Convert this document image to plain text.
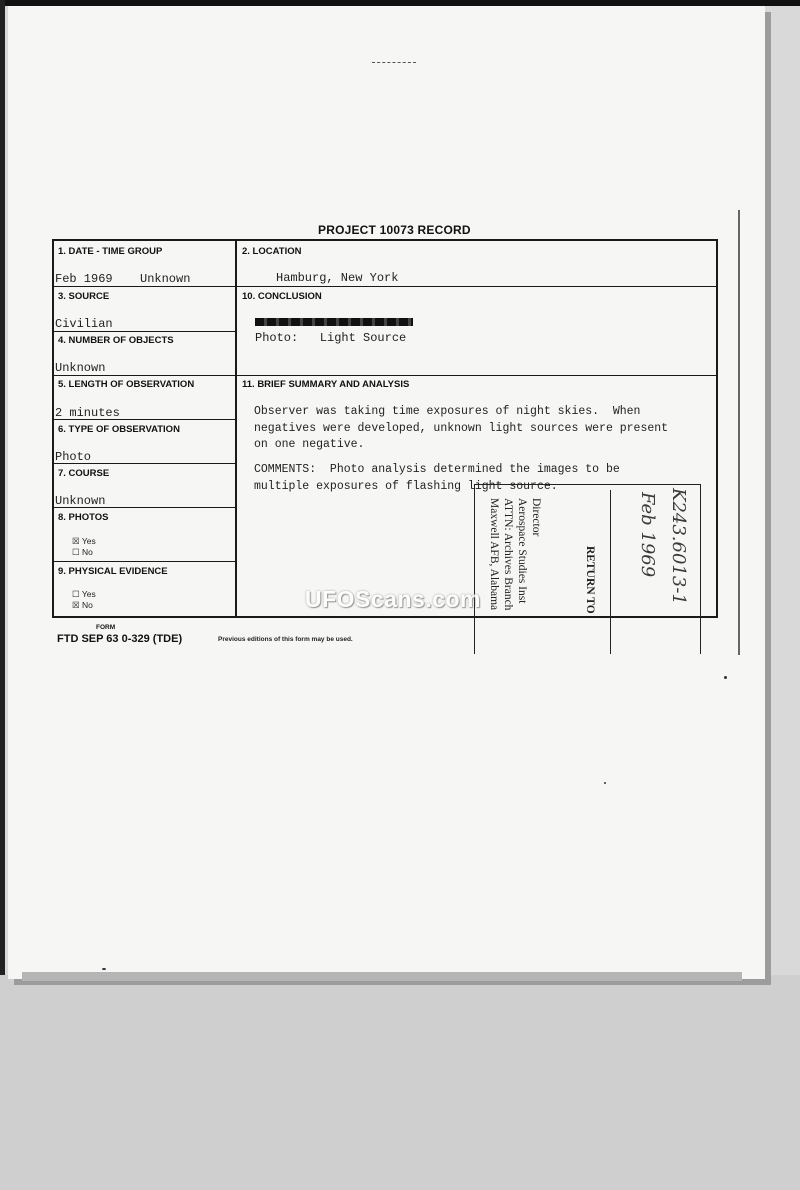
PROJECT 10073 RECORD
1. DATE - TIME GROUP
Feb 1969 Unknown
2. LOCATION
Hamburg, New York
3. SOURCE
Civilian
10. CONCLUSION
Photo:   Light Source
4. NUMBER OF OBJECTS
Unknown
5. LENGTH OF OBSERVATION
2 minutes
11. BRIEF SUMMARY AND ANALYSIS
Observer was taking time exposures of night skies.  When
negatives were developed, unknown light sources were present
on one negative.
COMMENTS:  Photo analysis determined the images to be
multiple exposures of flashing light source.
6. TYPE OF OBSERVATION
Photo
7. COURSE
Unknown
8. PHOTOS
☒ Yes
☐ No
9. PHYSICAL EVIDENCE
☐ Yes
☒ No
FORM
FTD SEP 63 0-329 (TDE)	Previous editions of this form may be used.
Director
Aerospace Studies Inst
ATTN: Archives Branch
Maxwell AFB, Alabama	RETURN TO	K243.6013-1
Feb 1969
UFOScans.com
